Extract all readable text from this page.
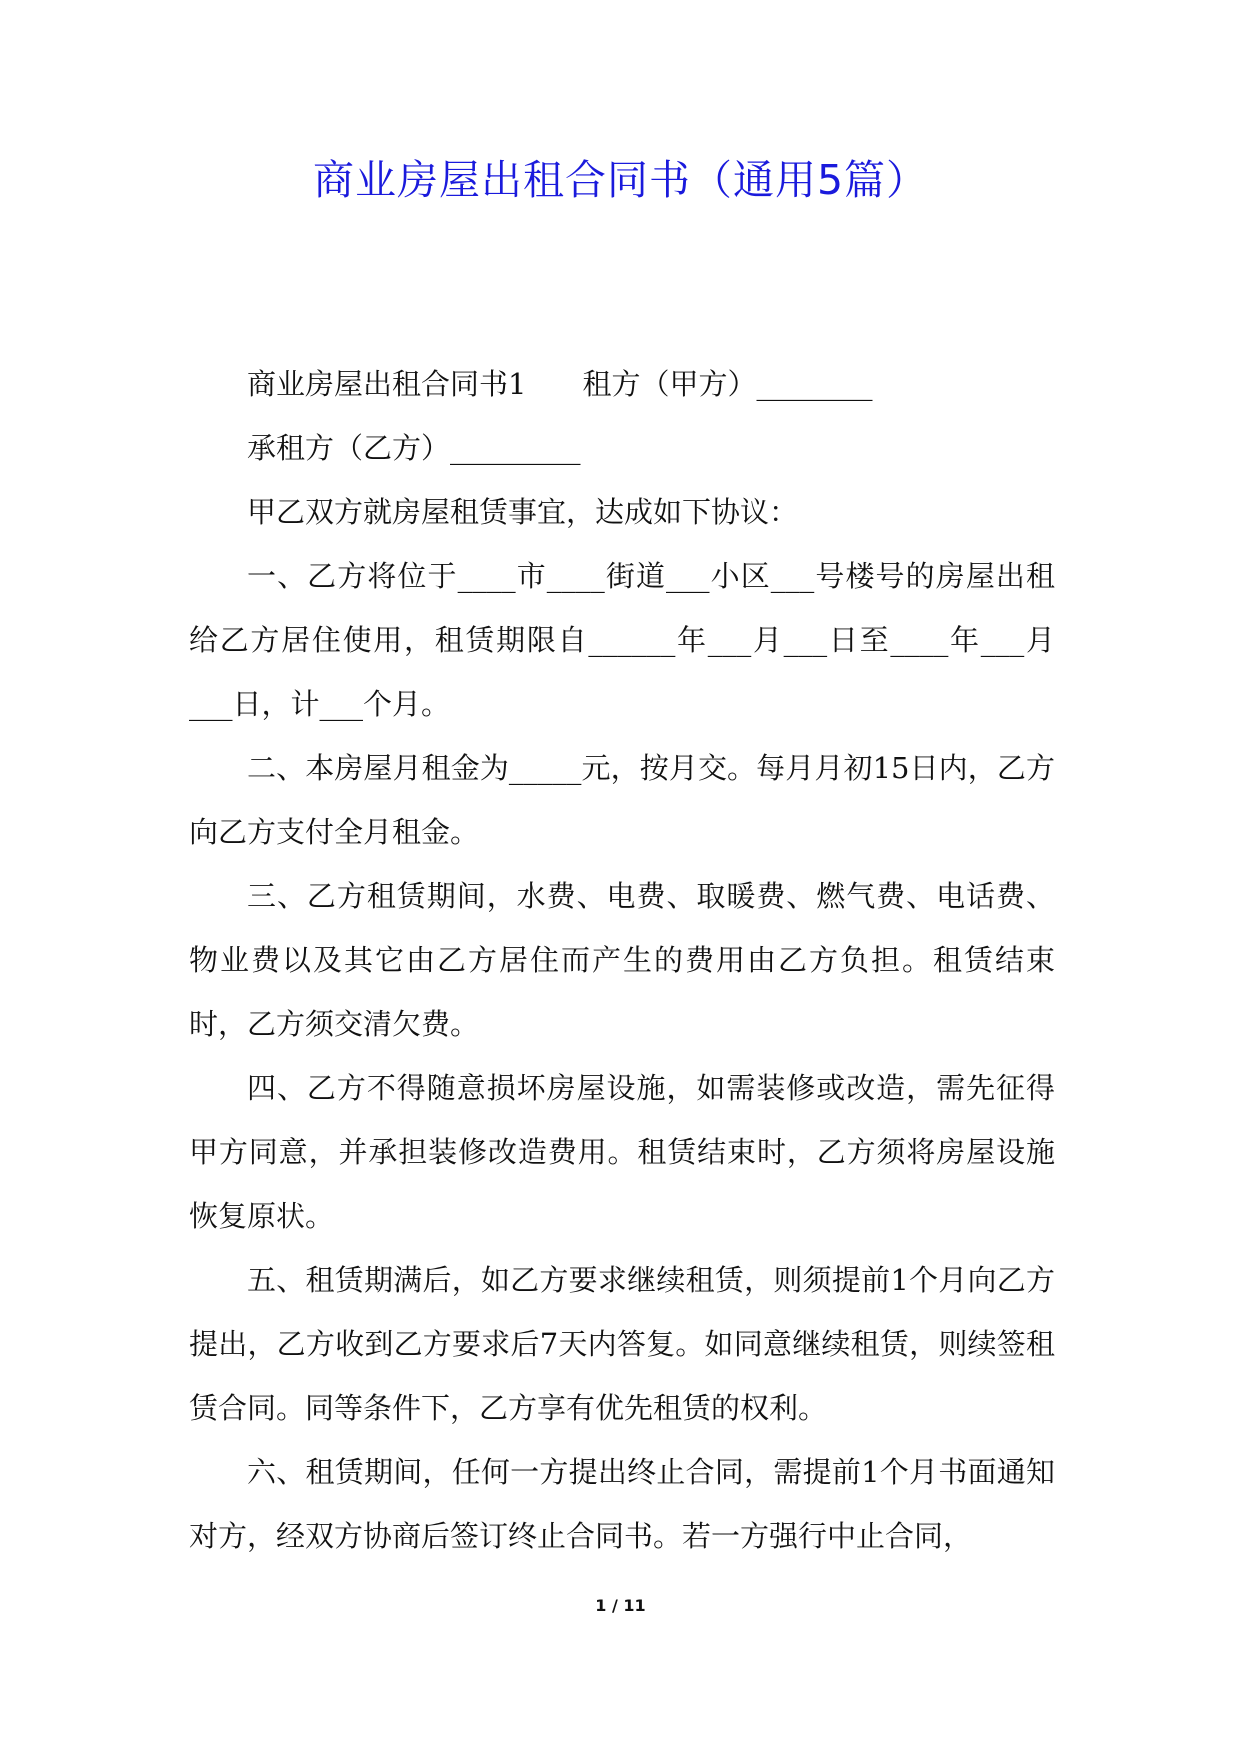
商业房屋出租合同书（通用5篇）

商业房屋出租合同书1 租方（甲方）________

承租方（乙方）_________

甲乙双方就房屋租赁事宜，达成如下协议：

一、乙方将位于____市____街道___小区___号楼号的房屋出租给乙方居住使用，租赁期限自______年___月___日至____年___月___日，计___个月。

二、本房屋月租金为_____元，按月交。每月月初15日内，乙方向乙方支付全月租金。

三、乙方租赁期间，水费、电费、取暖费、燃气费、电话费、物业费以及其它由乙方居住而产生的费用由乙方负担。租赁结束时，乙方须交清欠费。

四、乙方不得随意损坏房屋设施，如需装修或改造，需先征得甲方同意，并承担装修改造费用。租赁结束时，乙方须将房屋设施恢复原状。

五、租赁期满后，如乙方要求继续租赁，则须提前1个月向乙方提出，乙方收到乙方要求后7天内答复。如同意继续租赁，则续签租赁合同。同等条件下，乙方享有优先租赁的权利。

六、租赁期间，任何一方提出终止合同，需提前1个月书面通知对方，经双方协商后签订终止合同书。若一方强行中止合同，

1 / 11
